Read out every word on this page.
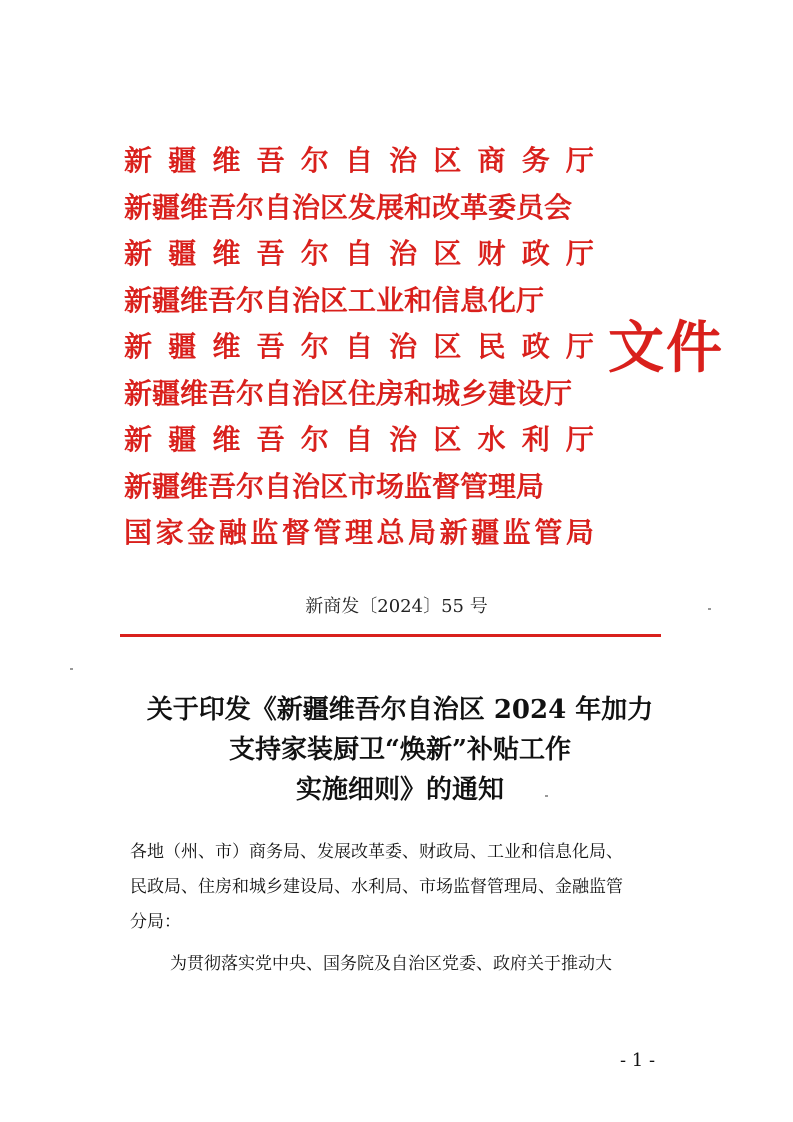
新 疆 维 吾 尔 自 治 区 商 务 厅
新疆维吾尔自治区发展和改革委员会
新 疆 维 吾 尔 自 治 区 财 政 厅
新疆维吾尔自治区工业和信息化厅
新 疆 维 吾 尔 自 治 区 民 政 厅
新疆维吾尔自治区住房和城乡建设厅
新 疆 维 吾 尔 自 治 区 水 利 厅
新疆维吾尔自治区市场监督管理局
国 家 金 融 监 督 管 理 总 局 新 疆 监 管 局
文件
新商发〔2024〕55 号
关于印发《新疆维吾尔自治区 2024 年加力
支持家装厨卫“焕新”补贴工作
实施细则》的通知
各地（州、市）商务局、发展改革委、财政局、工业和信息化局、
民政局、住房和城乡建设局、水利局、市场监督管理局、金融监管
分局：
为贯彻落实党中央、国务院及自治区党委、政府关于推动大
- 1 -
